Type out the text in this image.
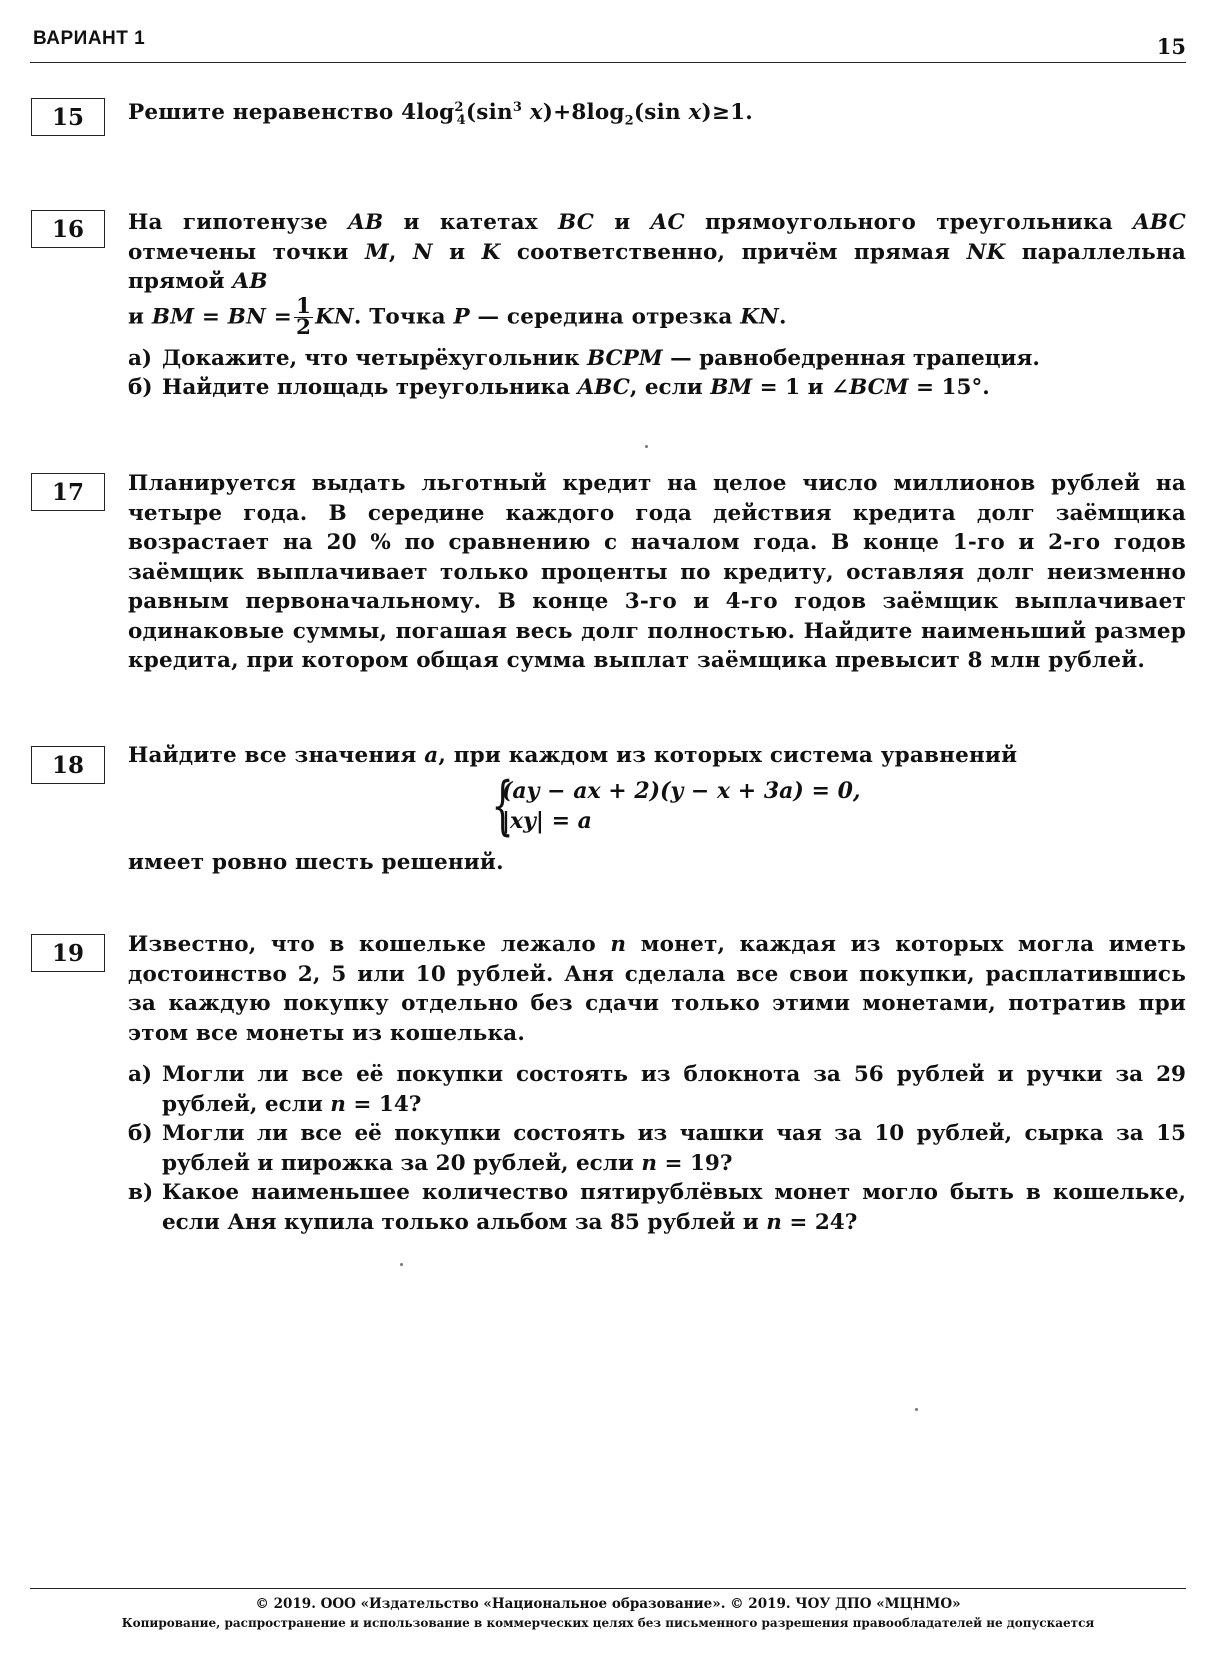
ВАРИАНТ 1	15
15	Решите неравенство $4\log^2_4(\sin^3$ $x)+8\log_2(\sin$ x)≥1.
16	На гипотенузе AB и катетах BC и AC прямоугольного треугольника ABC отмечены точки M, N и K соответственно, причём прямая NK параллельна прямой AB
и BM = BN = $\frac{1}{2}$ KN. Точка P — середина отрезка KN.
а) Докажите, что четырёхугольник BCPM — равнобедренная трапеция.
б) Найдите площадь треугольника ABC, если BM = 1 и ∠BCM = 15°.
17	Планируется выдать льготный кредит на целое число миллионов рублей на четыре года. В середине каждого года действия кредита долг заёмщика возрастает на 20 % по сравнению с началом года. В конце 1-го и 2-го годов заёмщик выплачивает только проценты по кредиту, оставляя долг неизменно равным первоначальному. В конце 3-го и 4-го годов заёмщик выплачивает одинаковые суммы, погашая весь долг полностью. Найдите наименьший размер кредита, при котором общая сумма выплат заёмщика превысит 8 млн рублей.
18	Найдите все значения a, при каждом из которых система уравнений
{
(ay − ax + 2)(y − x + 3a) = 0,
|xy| = a
имеет ровно шесть решений.
19	Известно, что в кошельке лежало n монет, каждая из которых могла иметь достоинство 2, 5 или 10 рублей. Аня сделала все свои покупки, расплатившись за каждую покупку отдельно без сдачи только этими монетами, потратив при этом все монеты из кошелька.
а) Могли ли все её покупки состоять из блокнота за 56 рублей и ручки за 29 рублей, если n = 14?
б) Могли ли все её покупки состоять из чашки чая за 10 рублей, сырка за 15 рублей и пирожка за 20 рублей, если n = 19?
в) Какое наименьшее количество пятирублёвых монет могло быть в кошельке, если Аня купила только альбом за 85 рублей и n = 24?
© 2019. ООО «Издательство «Национальное образование». © 2019. ЧОУ ДПО «МЦНМО»
Копирование, распространение и использование в коммерческих целях без письменного разрешения правообладателей не допускается
